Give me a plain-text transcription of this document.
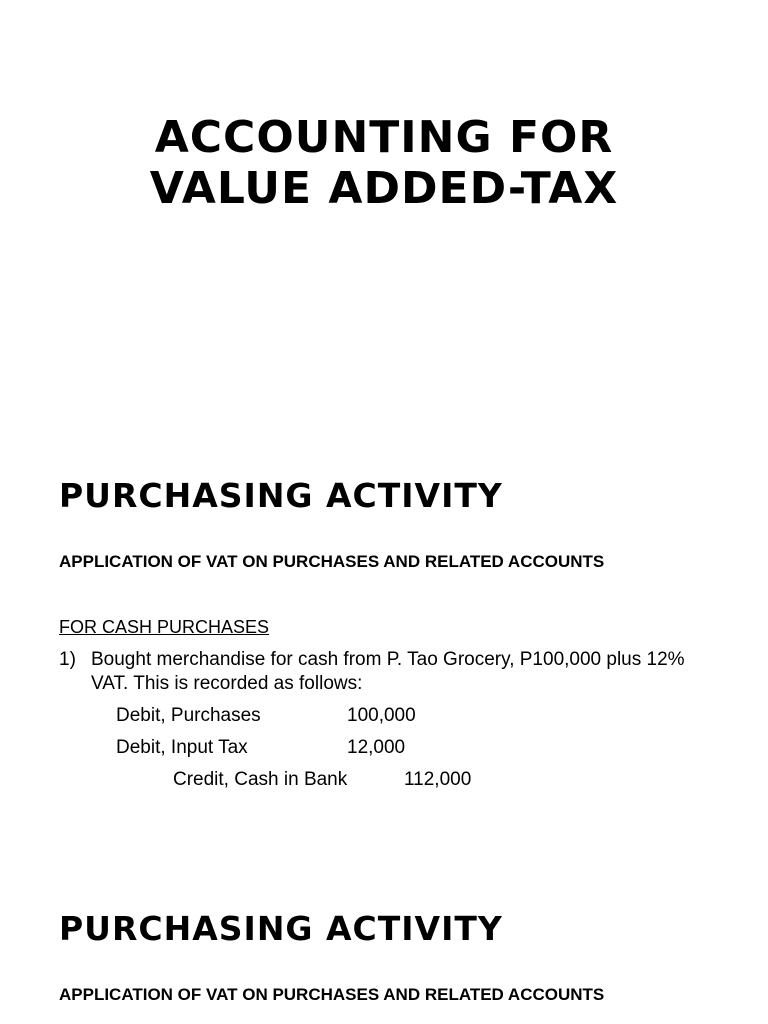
ACCOUNTING FOR
VALUE ADDED-TAX
PURCHASING ACTIVITY

APPLICATION OF VAT ON PURCHASES AND RELATED ACCOUNTS

FOR CASH PURCHASES
1) Bought merchandise for cash from P. Tao Grocery, P100,000 plus 12% VAT. This is recorded as follows:
Debit, Purchases	100,000
Debit, Input Tax	12,000
Credit, Cash in Bank	112,000
PURCHASING ACTIVITY

APPLICATION OF VAT ON PURCHASES AND RELATED ACCOUNTS
